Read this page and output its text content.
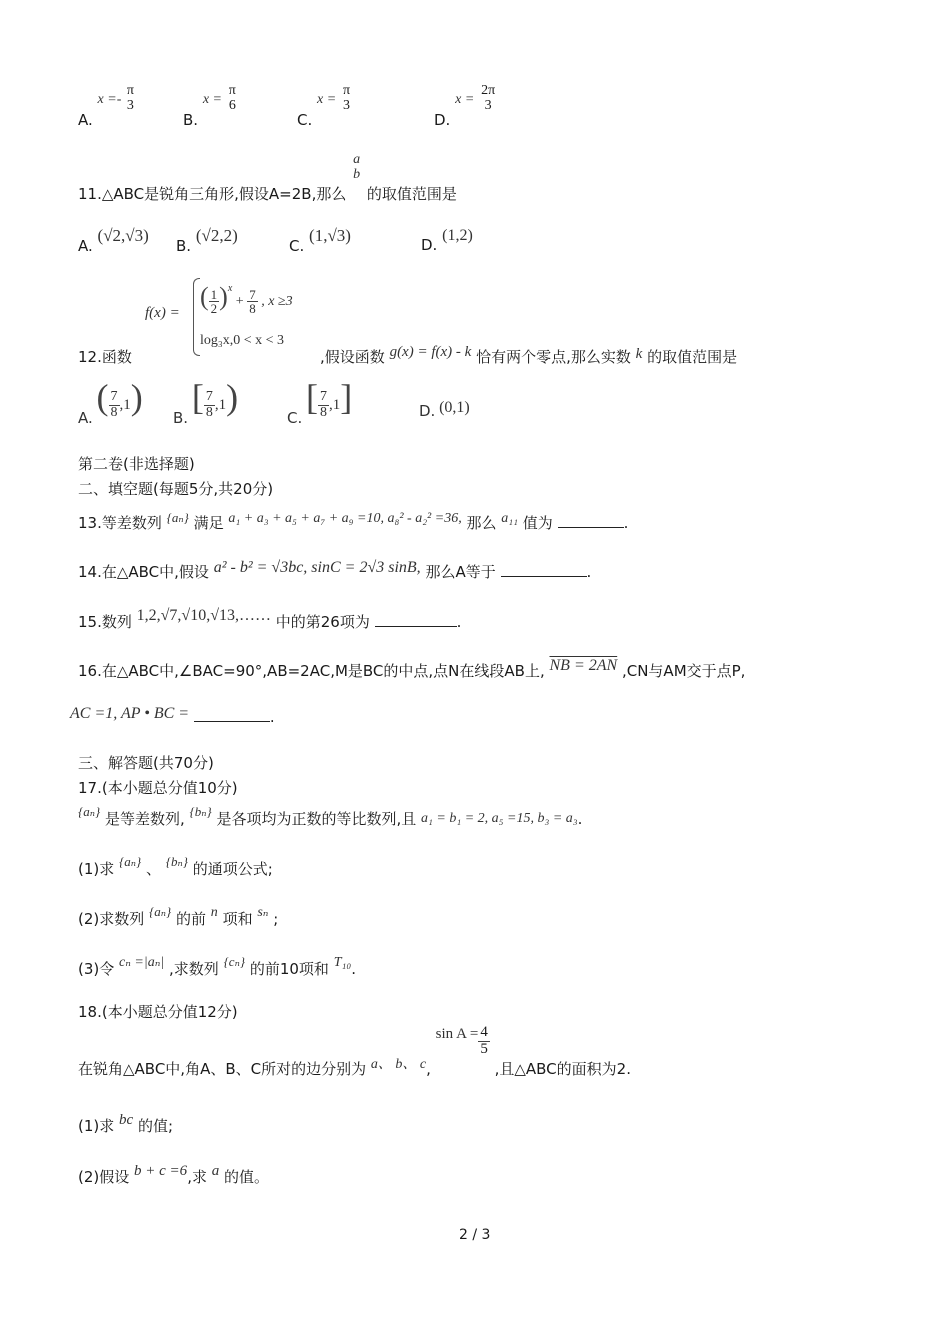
A. x =-
π
3
B. x =
π
6
C. x =
π
3
D. x =
2π
3
11.△ABC是锐角三角形,假设A=2B,那么
a
b
的取值范围是
A. (√2,√3)
B. (√2,2)
C. (1,√3)	D. (1,2)
12.函数
f(x) =
( $\frac{1}{2} )^x + \frac{7}{8}$ , x ≥3
log₃x,0 < x < 3
,假设函数 g(x) = f(x) - k 恰有两个零点,那么实数 k 的取值范围是
A. ( $\frac{7}{8} ,1$)
B. [ $\frac{7}{8} ,1$)
C. [ $\frac{7}{8} ,1$]	D. (0,1)
第二卷(非选择题)
二、填空题(每题5分,共20分)
13.等差数列 {aₙ} 满足 a₁ + a₃ + a₅ + a₇ + a₉ =10, a₈² - a₂² =36, 那么 a₁₁ 值为	.
14.在△ABC中,假设 a² - b² = √3bc, sinC = 2√3 sinB, 那么A等于	.
15.数列 1,2,√7,√10,√13,…… 中的第26项为	.
16.在△ABC中,∠BAC=90°,AB=2AC,M是BC的中点,点N在线段AB上, NB = 2AN ,CN与AM交于点P,
AC =1, AP • BC =	.
三、解答题(共70分)
17.(本小题总分值10分)
{aₙ} 是等差数列, {bₙ} 是各项均为正数的等比数列,且 a₁ = b₁ = 2, a₅ =15, b₃ = a₃.
(1)求 {aₙ} 、 {bₙ} 的通项公式;
(2)求数列 {aₙ} 的前 n 项和 sₙ ;
(3)令 cₙ =|aₙ| ,求数列 {cₙ} 的前10项和 T₁₀.
18.(本小题总分值12分)
在锐角△ABC中,角A、B、C所对的边分别为 a、 b、 c, $\sin A = \frac{4}{5}$
,且△ABC的面积为2.
(1)求 bc 的值;
(2)假设 b + c =6,求 a 的值。
2 / 3
